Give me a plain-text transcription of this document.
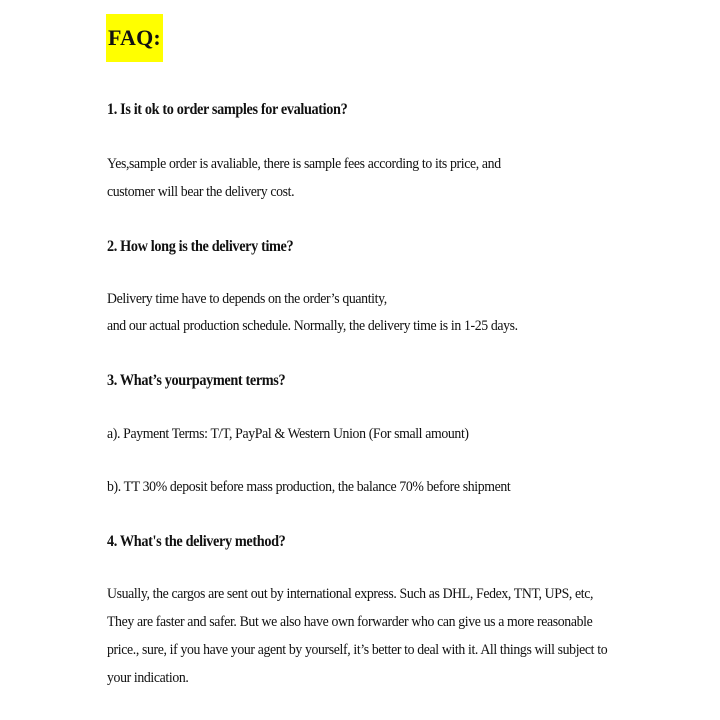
FAQ:
1. Is it ok to order samples for evaluation?
Yes,sample order is avaliable, there is sample fees according to its price, and
customer will bear the delivery cost.
2. How long is the delivery time?
Delivery time have to depends on the order’s quantity,
and our actual production schedule. Normally, the delivery time is in 1-25 days.
3. What’s yourpayment terms?
a). Payment Terms: T/T, PayPal & Western Union (For small amount)
b). TT 30% deposit before mass production, the balance 70% before shipment
4. What's the delivery method?
Usually, the cargos are sent out by international express. Such as DHL, Fedex, TNT, UPS, etc,
They are faster and safer. But we also have own forwarder who can give us a more reasonable
price., sure, if you have your agent by yourself, it’s better to deal with it. All things will subject to
your indication.
